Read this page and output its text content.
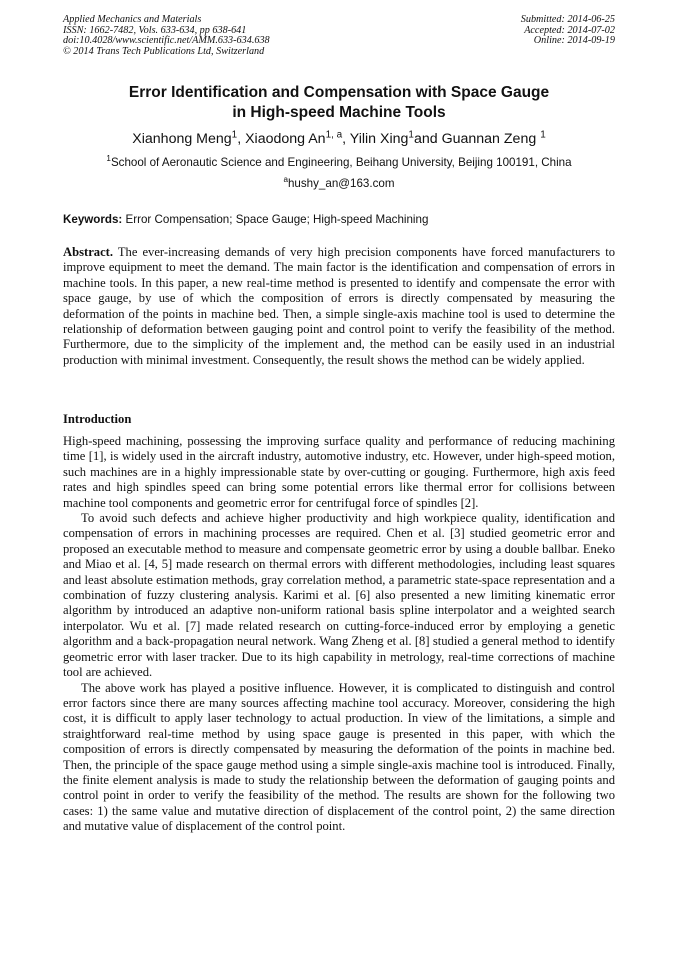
Applied Mechanics and Materials
ISSN: 1662-7482, Vols. 633-634, pp 638-641
doi:10.4028/www.scientific.net/AMM.633-634.638
© 2014 Trans Tech Publications Ltd, Switzerland
Submitted: 2014-06-25
Accepted: 2014-07-02
Online: 2014-09-19
Error Identification and Compensation with Space Gauge
in High-speed Machine Tools
Xianhong Meng$^1$, Xiaodong An$^{1, a}$, Yilin Xing$^1$and Guannan Zeng $^1$
$^1$School of Aeronautic Science and Engineering, Beihang University, Beijing 100191, China
$^a$hushy_an@163.com
Keywords: Error Compensation; Space Gauge; High-speed Machining
Abstract. The ever-increasing demands of very high precision components have forced manufacturers to improve equipment to meet the demand. The main factor is the identification and compensation of errors in machine tools. In this paper, a new real-time method is presented to identify and compensate the error with space gauge, by use of which the composition of errors is directly compensated by measuring the deformation of the points in machine bed. Then, a simple single-axis machine tool is used to determine the relationship of deformation between gauging point and control point to verify the feasibility of the method. Furthermore, due to the simplicity of the implement and, the method can be easily used in an industrial production with minimal investment. Consequently, the result shows the method can be widely applied.
Introduction

High-speed machining, possessing the improving surface quality and performance of reducing machining time [1], is widely used in the aircraft industry, automotive industry, etc. However, under high-speed motion, such machines are in a highly impressionable state by over-cutting or gouging. Furthermore, high axis feed rates and high spindles speed can bring some potential errors like thermal error for collisions between machine tool components and geometric error for centrifugal force of spindles [2].

To avoid such defects and achieve higher productivity and high workpiece quality, identification and compensation of errors in machining processes are required. Chen et al. [3] studied geometric error and proposed an executable method to measure and compensate geometric error by using a double ballbar. Eneko and Miao et al. [4, 5] made research on thermal errors with different methodologies, including least squares and least absolute estimation methods, gray correlation method, a parametric state-space representation and a combination of fuzzy clustering analysis. Karimi et al. [6] also presented a new limiting kinematic error algorithm by introduced an adaptive non-uniform rational basis spline interpolator and a weighted search interpolator. Wu et al. [7] made related research on cutting-force-induced error by employing a genetic algorithm and a back-propagation neural network. Wang Zheng et al. [8] studied a general method to identify geometric error with laser tracker. Due to its high capability in metrology, real-time corrections of machine tool are achieved.

The above work has played a positive influence. However, it is complicated to distinguish and control error factors since there are many sources affecting machine tool accuracy. Moreover, considering the high cost, it is difficult to apply laser technology to actual production. In view of the limitations, a simple and straightforward real-time method by using space gauge is presented in this paper, with which the composition of errors is directly compensated by measuring the deformation of the points in machine bed. Then, the principle of the space gauge method using a simple single-axis machine tool is introduced. Finally, the finite element analysis is made to study the relationship between the deformation of gauging points and control point in order to verify the feasibility of the method. The results are shown for the following two cases: 1) the same value and mutative direction of displacement of the control point, 2) the same direction and mutative value of displacement of the control point.
